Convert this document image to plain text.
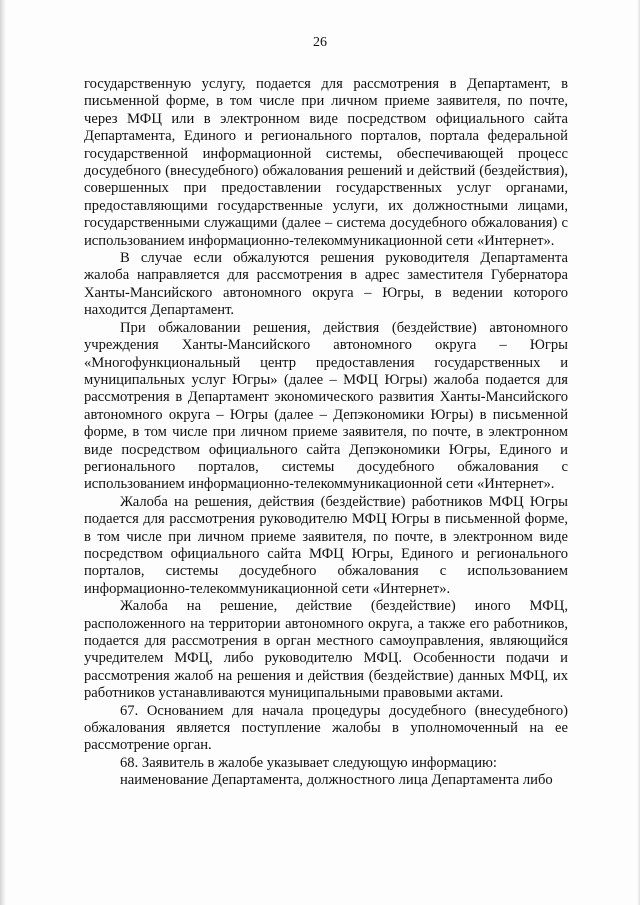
26

государственную услугу, подается для рассмотрения в Департамент, в письменной форме, в том числе при личном приеме заявителя, по почте, через МФЦ или в электронном виде посредством официального сайта Департамента, Единого и регионального порталов, портала федеральной государственной информационной системы, обеспечивающей процесс досудебного (внесудебного) обжалования решений и действий (бездействия), совершенных при предоставлении государственных услуг органами, предоставляющими государственные услуги, их должностными лицами, государственными служащими (далее – система досудебного обжалования) с использованием информационно-телекоммуникационной сети «Интернет».

В случае если обжалуются решения руководителя Департамента жалоба направляется для рассмотрения в адрес заместителя Губернатора Ханты-Мансийского автономного округа – Югры, в ведении которого находится Департамент.

При обжаловании решения, действия (бездействие) автономного учреждения Ханты-Мансийского автономного округа – Югры «Многофункциональный центр предоставления государственных и муниципальных услуг Югры» (далее – МФЦ Югры) жалоба подается для рассмотрения в Департамент экономического развития Ханты-Мансийского автономного округа – Югры (далее – Депэкономики Югры) в письменной форме, в том числе при личном приеме заявителя, по почте, в электронном виде посредством официального сайта Депэкономики Югры, Единого и регионального порталов, системы досудебного обжалования с использованием информационно-телекоммуникационной сети «Интернет».

Жалоба на решения, действия (бездействие) работников МФЦ Югры подается для рассмотрения руководителю МФЦ Югры в письменной форме, в том числе при личном приеме заявителя, по почте, в электронном виде посредством официального сайта МФЦ Югры, Единого и регионального порталов, системы досудебного обжалования с использованием информационно-телекоммуникационной сети «Интернет».

Жалоба на решение, действие (бездействие) иного МФЦ, расположенного на территории автономного округа, а также его работников, подается для рассмотрения в орган местного самоуправления, являющийся учредителем МФЦ, либо руководителю МФЦ. Особенности подачи и рассмотрения жалоб на решения и действия (бездействие) данных МФЦ, их работников устанавливаются муниципальными правовыми актами.

67. Основанием для начала процедуры досудебного (внесудебного) обжалования является поступление жалобы в уполномоченный на ее рассмотрение орган.

68. Заявитель в жалобе указывает следующую информацию:

наименование Департамента, должностного лица Департамента либо
